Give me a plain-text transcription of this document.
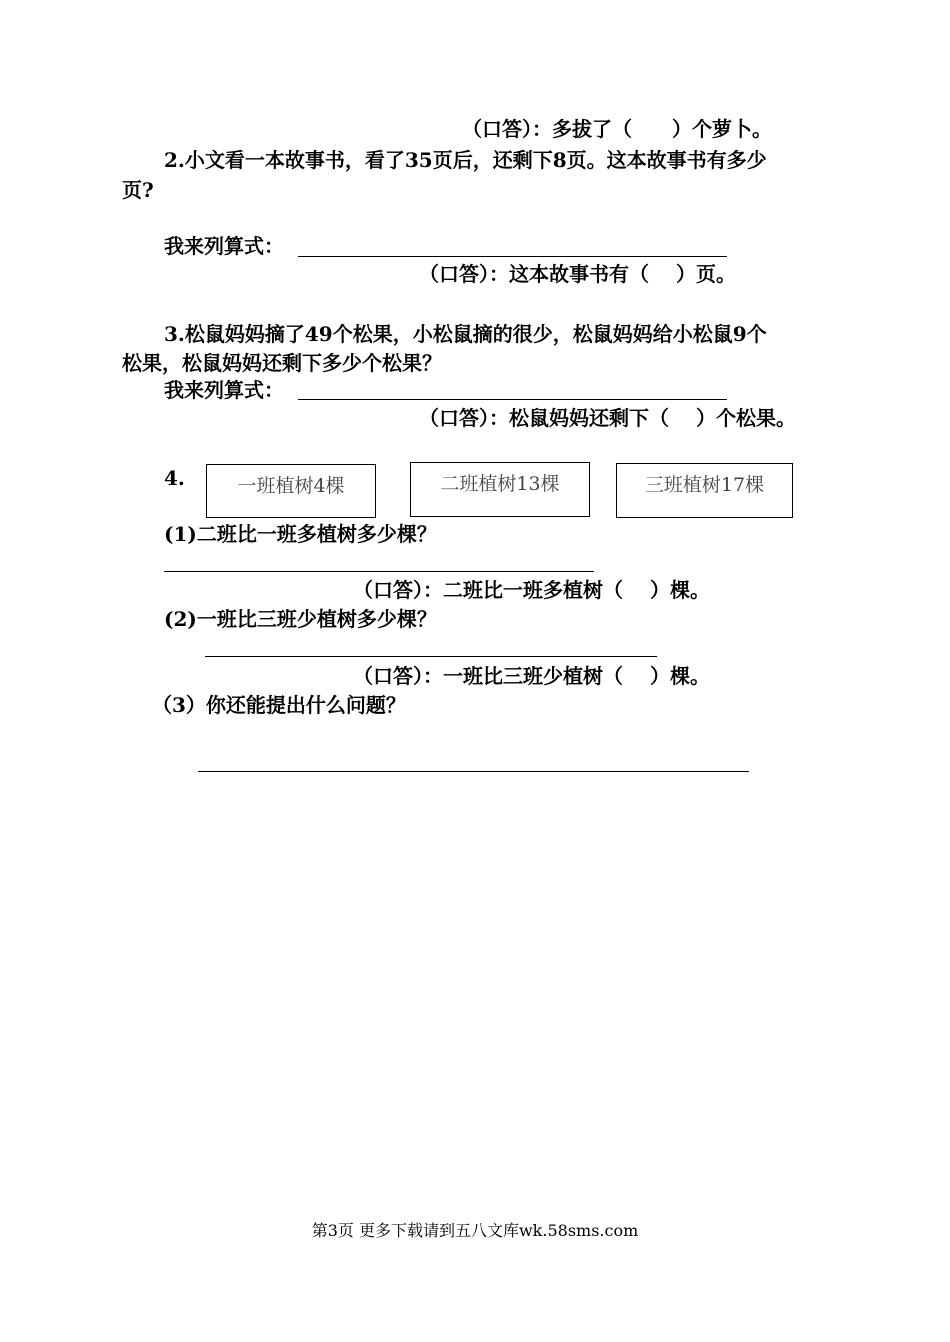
（口答）：多拔了（　　）个萝卜。
2.小文看一本故事书，看了35页后，还剩下8页。这本故事书有多少
页?
我来列算式：
（口答）：这本故事书有（　 ）页。
3.松鼠妈妈摘了49个松果，小松鼠摘的很少，松鼠妈妈给小松鼠9个
松果，松鼠妈妈还剩下多少个松果？
我来列算式：
（口答）：松鼠妈妈还剩下（　 ）个松果。
4.	一班植树4棵	二班植树13棵	三班植树17棵
(1)二班比一班多植树多少棵？
（口答）：二班比一班多植树（　 ）棵。
(2)一班比三班少植树多少棵？
（口答）：一班比三班少植树（　 ）棵。
（3）你还能提出什么问题？
第3页 更多下载请到五八文库wk.58sms.com
